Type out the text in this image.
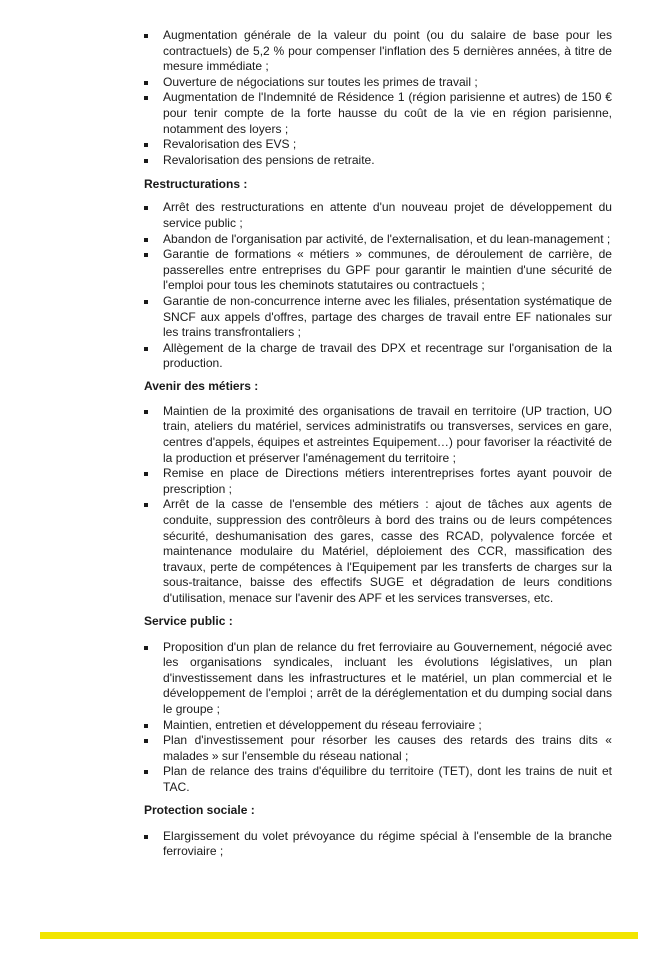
Augmentation générale de la valeur du point (ou du salaire de base pour les contractuels) de 5,2 % pour compenser l'inflation des 5 dernières années, à titre de mesure immédiate ;
Ouverture de négociations sur toutes les primes de travail ;
Augmentation de l'Indemnité de Résidence 1 (région parisienne et autres) de 150 € pour tenir compte de la forte hausse du coût de la vie en région parisienne, notamment des loyers ;
Revalorisation des EVS ;
Revalorisation des pensions de retraite.
Restructurations :
Arrêt des restructurations en attente d'un nouveau projet de développement du service public ;
Abandon de l'organisation par activité, de l'externalisation, et du lean-management ;
Garantie de formations « métiers » communes, de déroulement de carrière, de passerelles entre entreprises du GPF pour garantir le maintien d'une sécurité de l'emploi pour tous les cheminots statutaires ou contractuels ;
Garantie de non-concurrence interne avec les filiales, présentation systématique de SNCF aux appels d'offres, partage des charges de travail entre EF nationales sur les trains transfrontaliers ;
Allègement de la charge de travail des DPX et recentrage sur l'organisation de la production.
Avenir des métiers :
Maintien de la proximité des organisations de travail en territoire (UP traction, UO train, ateliers du matériel, services administratifs ou transverses, services en gare, centres d'appels, équipes et astreintes Equipement…) pour favoriser la réactivité de la production et préserver l'aménagement du territoire ;
Remise en place de Directions métiers interentreprises fortes ayant pouvoir de prescription ;
Arrêt de la casse de l'ensemble des métiers : ajout de tâches aux agents de conduite, suppression des contrôleurs à bord des trains ou de leurs compétences sécurité, deshumanisation des gares, casse des RCAD, polyvalence forcée et maintenance modulaire du Matériel, déploiement des CCR, massification des travaux, perte de compétences à l'Equipement par les transferts de charges sur la sous-traitance, baisse des effectifs SUGE et dégradation de leurs conditions d'utilisation, menace sur l'avenir des APF et les services transverses, etc.
Service public :
Proposition d'un plan de relance du fret ferroviaire au Gouvernement, négocié avec les organisations syndicales, incluant les évolutions législatives, un plan d'investissement dans les infrastructures et le matériel, un plan commercial et le développement de l'emploi ; arrêt de la déréglementation et du dumping social dans le groupe ;
Maintien, entretien et développement du réseau ferroviaire ;
Plan d'investissement pour résorber les causes des retards des trains dits « malades » sur l'ensemble du réseau national ;
Plan de relance des trains d'équilibre du territoire (TET), dont les trains de nuit et TAC.
Protection sociale :
Elargissement du volet prévoyance du régime spécial à l'ensemble de la branche ferroviaire ;
